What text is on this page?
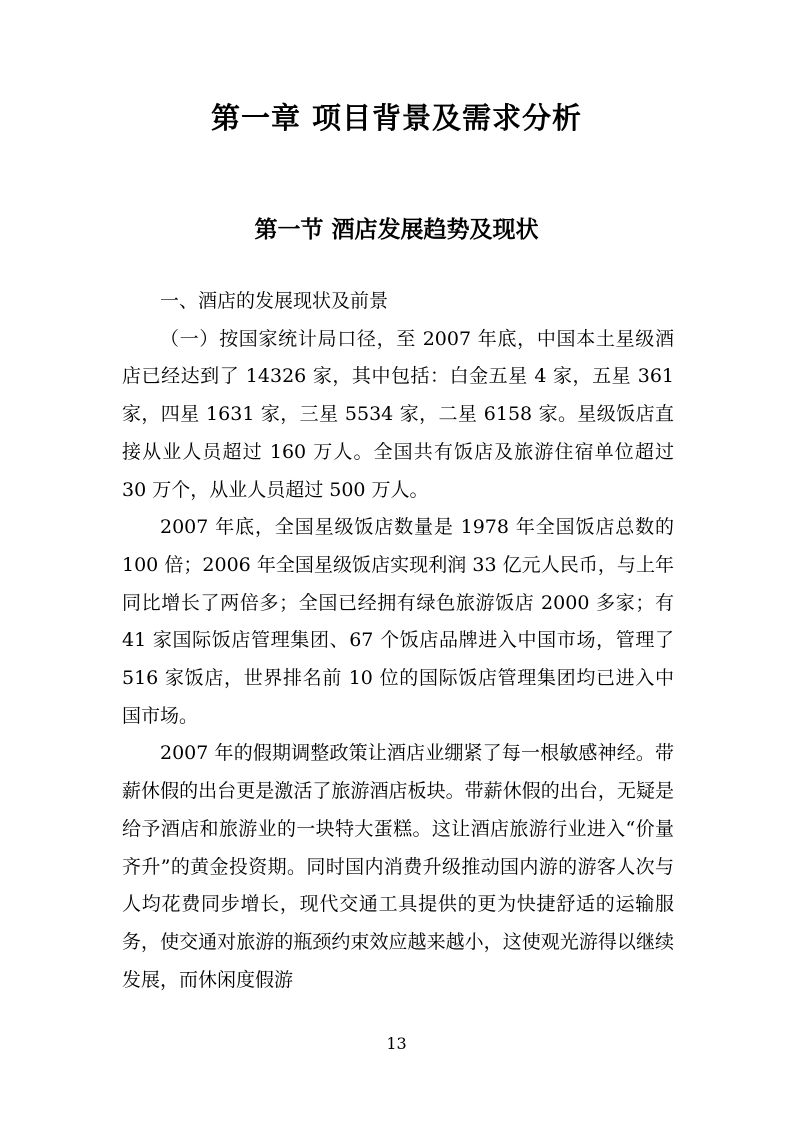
第一章 项目背景及需求分析
第一节 酒店发展趋势及现状

一、酒店的发展现状及前景

（一）按国家统计局口径，至 2007 年底，中国本土星级酒店已经达到了 14326 家，其中包括：白金五星 4 家，五星 361 家，四星 1631 家，三星 5534 家，二星 6158 家。星级饭店直接从业人员超过 160 万人。全国共有饭店及旅游住宿单位超过 30 万个，从业人员超过 500 万人。

2007 年底，全国星级饭店数量是 1978 年全国饭店总数的 100 倍；2006 年全国星级饭店实现利润 33 亿元人民币，与上年同比增长了两倍多；全国已经拥有绿色旅游饭店 2000 多家；有 41 家国际饭店管理集团、67 个饭店品牌进入中国市场，管理了 516 家饭店，世界排名前 10 位的国际饭店管理集团均已进入中国市场。

2007 年的假期调整政策让酒店业绷紧了每一根敏感神经。带薪休假的出台更是激活了旅游酒店板块。带薪休假的出台，无疑是给予酒店和旅游业的一块特大蛋糕。这让酒店旅游行业进入“价量齐升”的黄金投资期。同时国内消费升级推动国内游的游客人次与人均花费同步增长，现代交通工具提供的更为快捷舒适的运输服务，使交通对旅游的瓶颈约束效应越来越小，这使观光游得以继续发展，而休闲度假游

13
